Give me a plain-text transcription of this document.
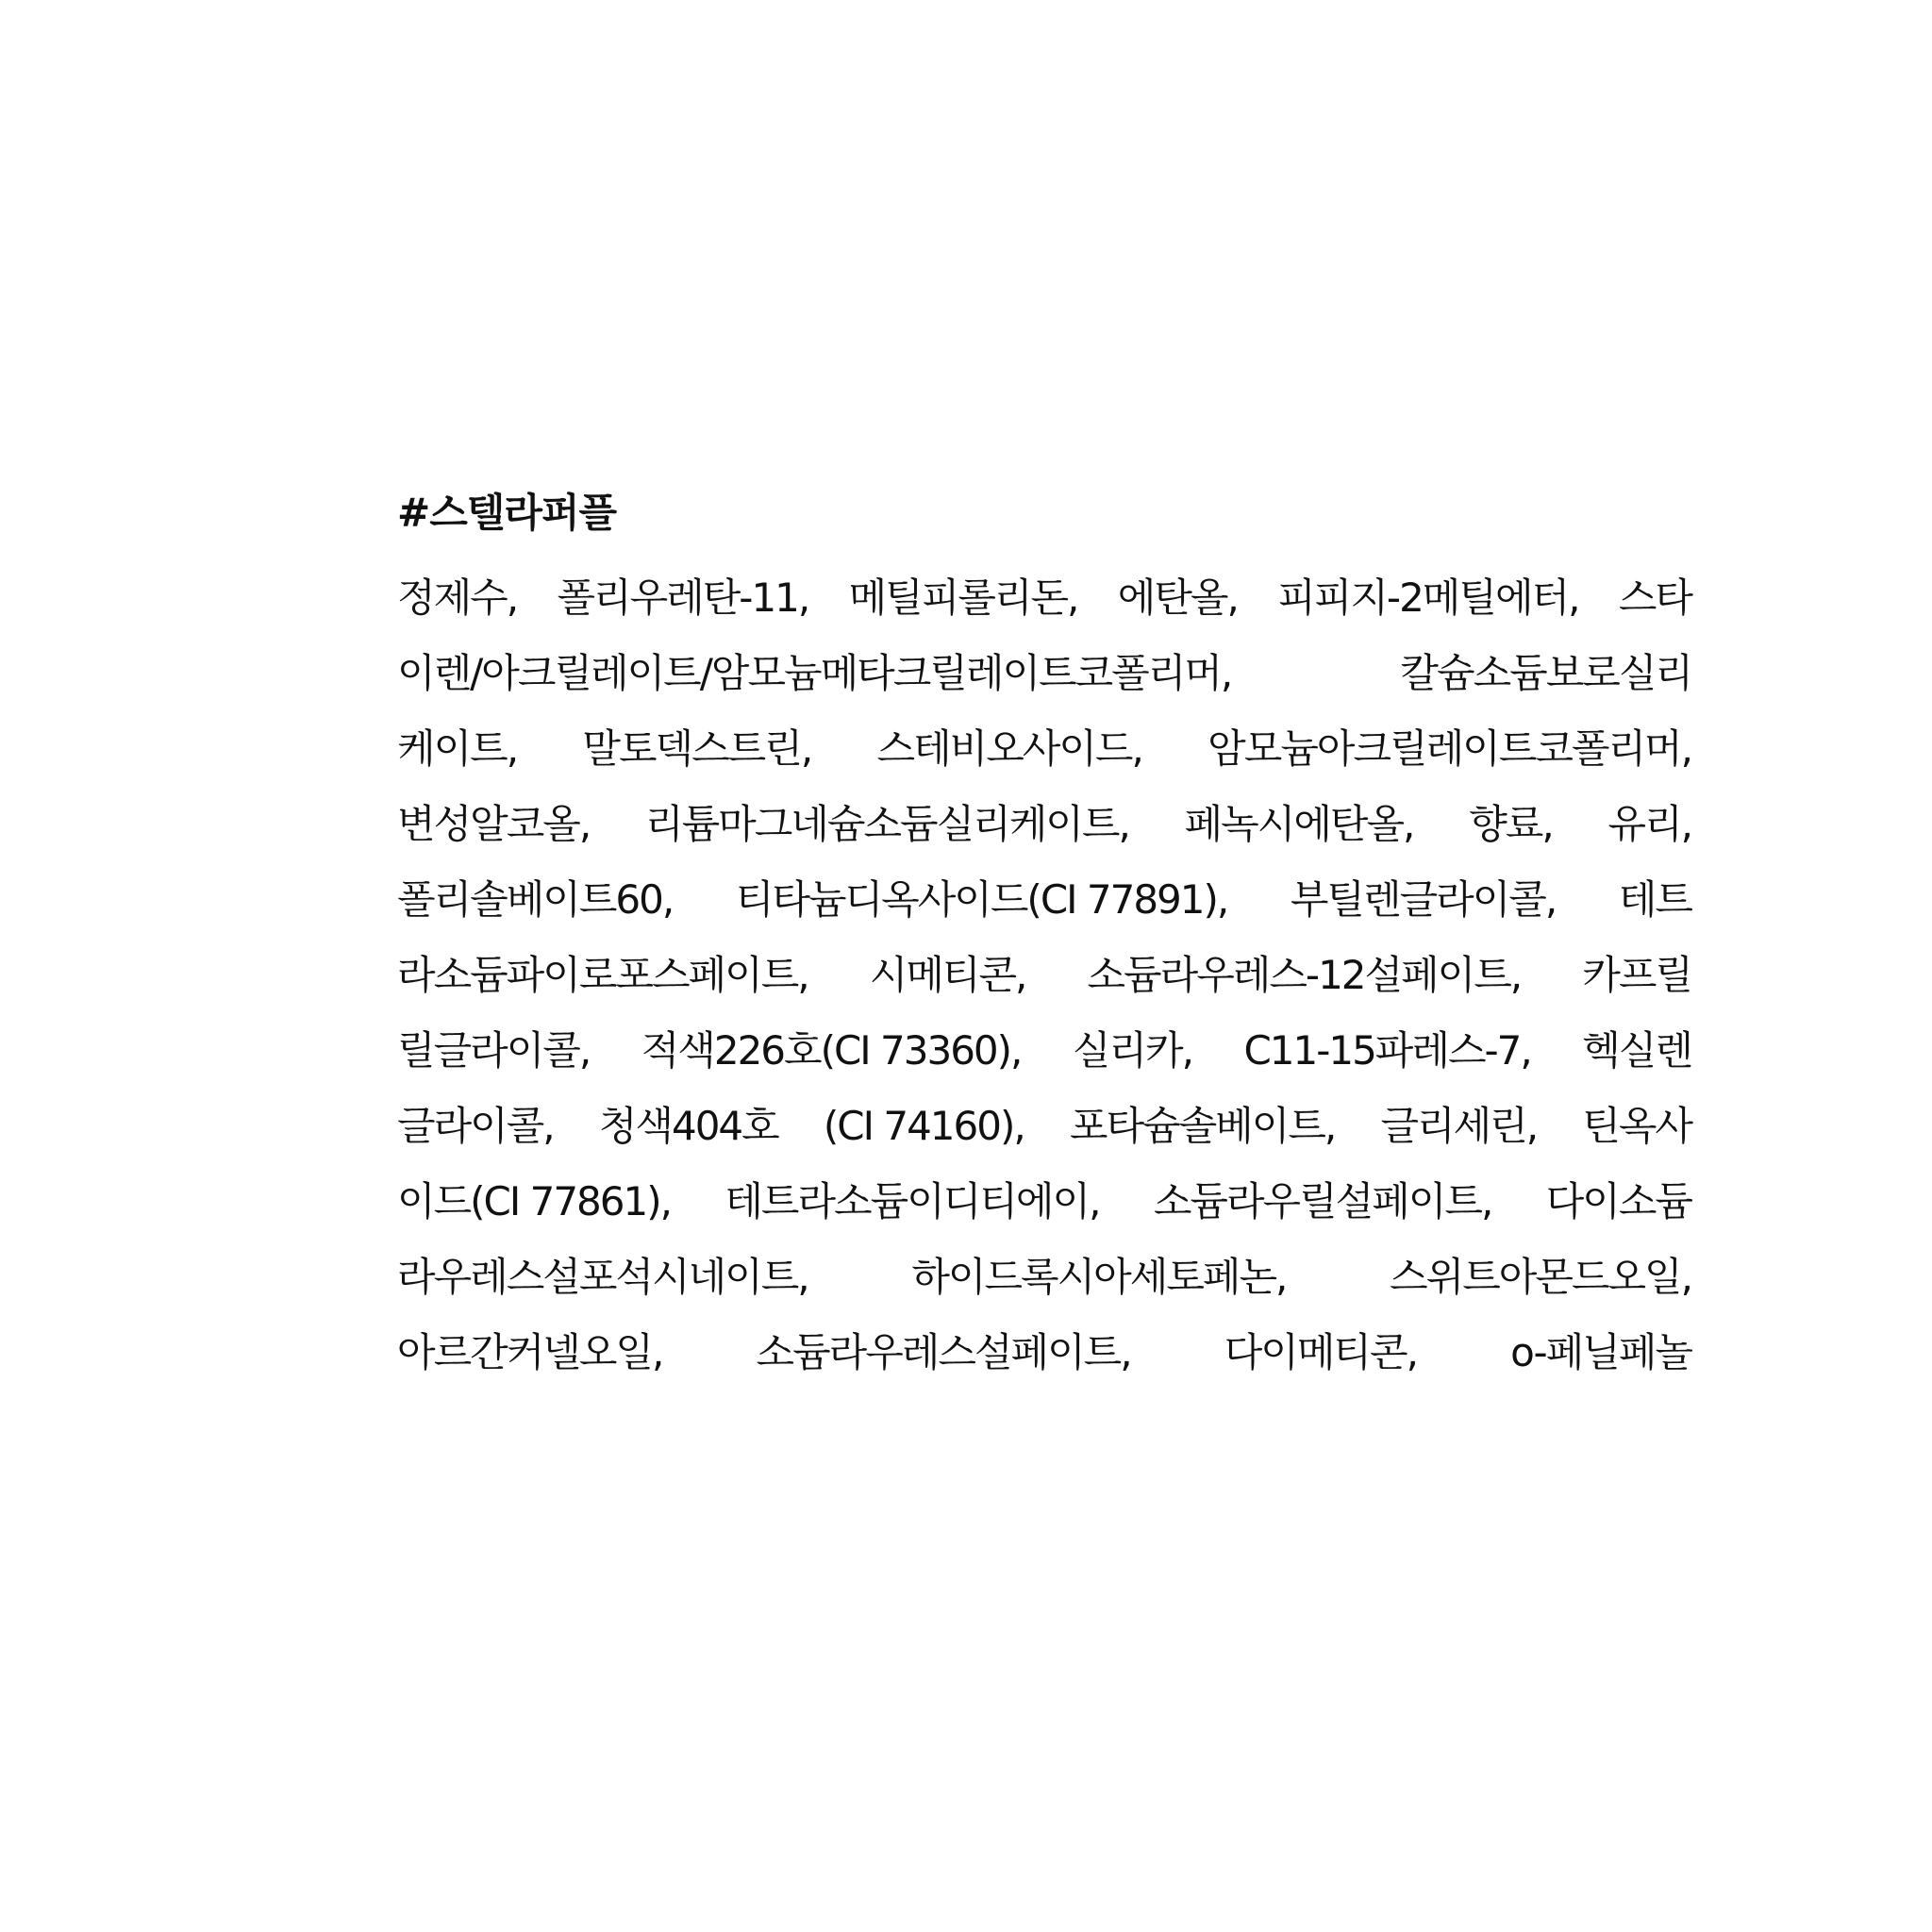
#스텔라퍼플
정제수, 폴리우레탄-11, 메틸피롤리돈, 에탄올, 피피지-2메틸에터, 스타
이렌/아크릴레이트/암모늄메타크릴레이트코폴리머,	칼슘소듐보로실리
케이트, 말토덱스트린, 스테비오사이드, 암모늄아크릴레이트코폴리머,
변성알코올, 리튬마그네슘소듐실리케이트, 페녹시에탄올, 향료, 유리,
폴리솔베이트60, 티타늄디옥사이드(CI 77891), 부틸렌글라이콜, 테트
라소듐파이로포스페이트, 시메티콘, 소듐라우레스-12설페이트, 카프릴
릴글라이콜, 적색226호(CI 73360), 실리카, C11-15파레스-7, 헥실렌
글라이콜, 청색404호 (CI 74160), 포타슘솔베이트, 글리세린, 틴옥사
이드(CI 77861), 테트라소듐이디티에이, 소듐라우릴설페이트, 다이소듐
라우레스설포석시네이트,	하이드록시아세토페논,	스위트아몬드오일,
아르간커넬오일, 소듐라우레스설페이트, 다이메티콘, o-페닐페놀
